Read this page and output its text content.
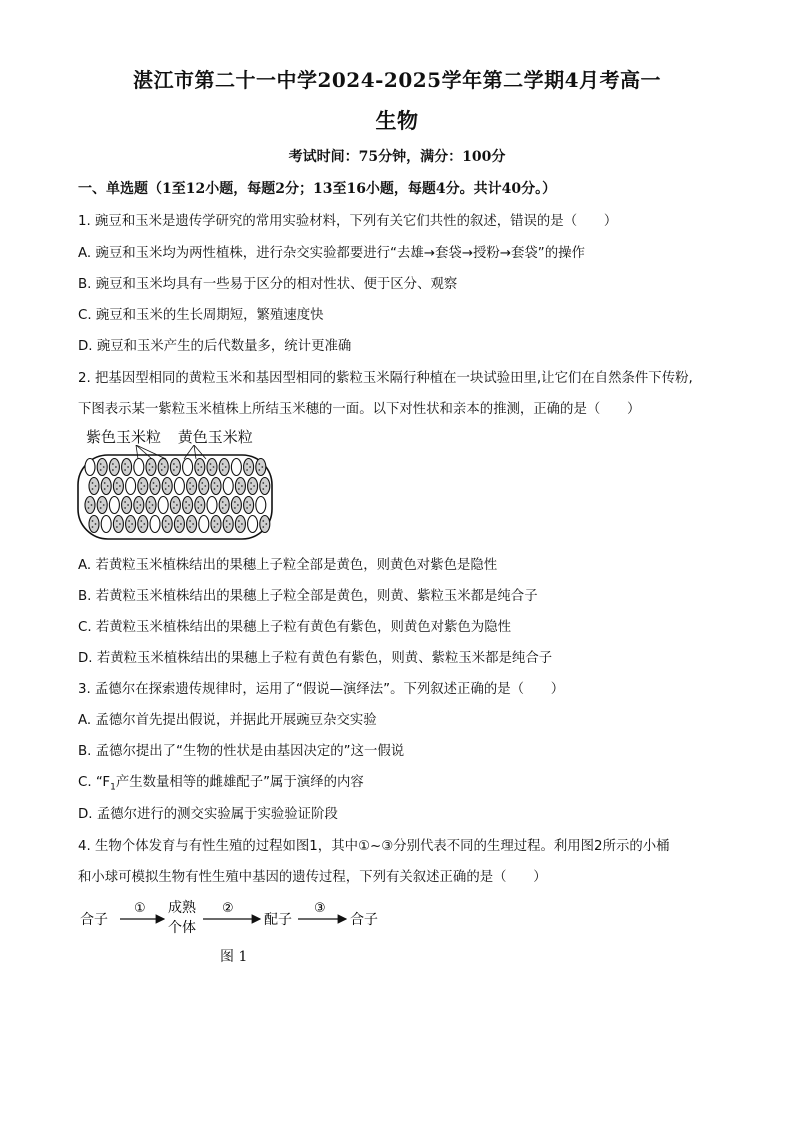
湛江市第二十一中学2024-2025学年第二学期4月考高一
生物
考试时间：75分钟，满分：100分
一、单选题（1至12小题，每题2分；13至16小题，每题4分。共计40分。）
1. 豌豆和玉米是遗传学研究的常用实验材料，下列有关它们共性的叙述，错误的是（　　）
A. 豌豆和玉米均为两性植株，进行杂交实验都要进行“去雄→套袋→授粉→套袋”的操作
B. 豌豆和玉米均具有一些易于区分的相对性状、便于区分、观察
C. 豌豆和玉米的生长周期短，繁殖速度快
D. 豌豆和玉米产生的后代数量多，统计更准确
2. 把基因型相同的黄粒玉米和基因型相同的紫粒玉米隔行种植在一块试验田里,让它们在自然条件下传粉,
下图表示某一紫粒玉米植株上所结玉米穗的一面。以下对性状和亲本的推测，正确的是（　　）
紫色玉米粒 黄色玉米粒
A. 若黄粒玉米植株结出的果穗上子粒全部是黄色，则黄色对紫色是隐性
B. 若黄粒玉米植株结出的果穗上子粒全部是黄色，则黄、紫粒玉米都是纯合子
C. 若黄粒玉米植株结出的果穗上子粒有黄色有紫色，则黄色对紫色为隐性
D. 若黄粒玉米植株结出的果穗上子粒有黄色有紫色，则黄、紫粒玉米都是纯合子
3. 孟德尔在探索遗传规律时，运用了“假说—演绎法”。下列叙述正确的是（　　）
A. 孟德尔首先提出假说，并据此开展豌豆杂交实验
B. 孟德尔提出了“生物的性状是由基因决定的”这一假说
C. “$F_1$产生数量相等的雌雄配子”属于演绎的内容
D. 孟德尔进行的测交实验属于实验验证阶段
4. 生物个体发育与有性生殖的过程如图1，其中①~③分别代表不同的生理过程。利用图2所示的小桶
和小球可模拟生物有性生殖中基因的遗传过程，下列有关叙述正确的是（　　）
合子
① 成熟
个体
②
配子
③
合子
图 1
